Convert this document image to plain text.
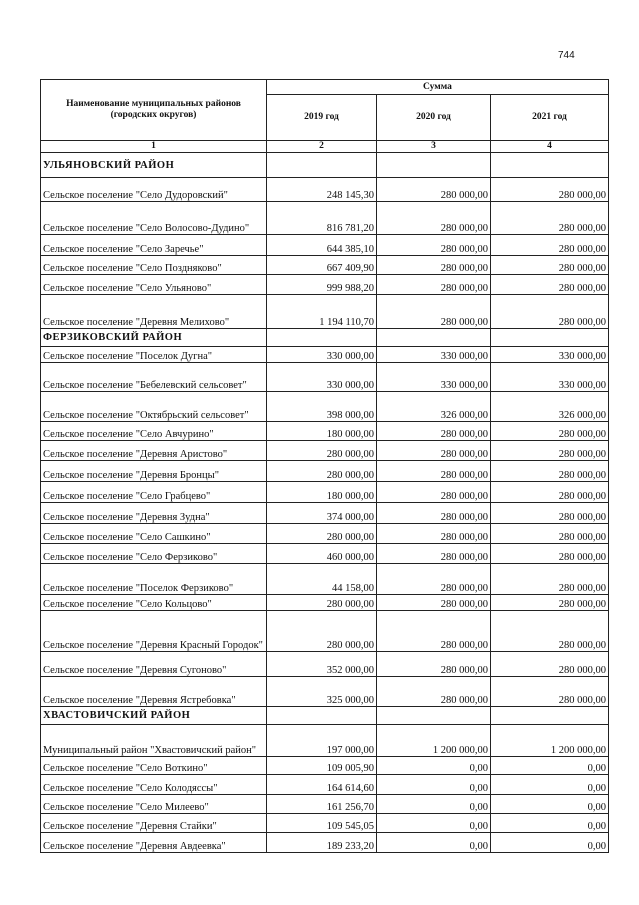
744
Наименование муниципальных районов (городских округов)	Сумма		
	2019 год	2020 год	2021 год
1	2	3	4
УЛЬЯНОВСКИЙ РАЙОН			
Сельское поселение "Село Дудоровский"	248 145,30	280 000,00	280 000,00
Сельское поселение "Село Волосово-Дудино"	816 781,20	280 000,00	280 000,00
Сельское поселение "Село Заречье"	644 385,10	280 000,00	280 000,00
Сельское поселение "Село Поздняково"	667 409,90	280 000,00	280 000,00
Сельское поселение "Село Ульяново"	999 988,20	280 000,00	280 000,00
Сельское поселение "Деревня Мелихово"	1 194 110,70	280 000,00	280 000,00
ФЕРЗИКОВСКИЙ РАЙОН			
Сельское поселение "Поселок Дугна"	330 000,00	330 000,00	330 000,00
Сельское поселение "Бебелевский сельсовет"	330 000,00	330 000,00	330 000,00
Сельское поселение "Октябрьский сельсовет"	398 000,00	326 000,00	326 000,00
Сельское поселение "Село Авчурино"	180 000,00	280 000,00	280 000,00
Сельское поселение "Деревня Аристово"	280 000,00	280 000,00	280 000,00
Сельское поселение "Деревня Бронцы"	280 000,00	280 000,00	280 000,00
Сельское поселение "Село Грабцево"	180 000,00	280 000,00	280 000,00
Сельское поселение "Деревня Зудна"	374 000,00	280 000,00	280 000,00
Сельское поселение "Село Сашкино"	280 000,00	280 000,00	280 000,00
Сельское поселение "Село Ферзиково"	460 000,00	280 000,00	280 000,00
Сельское поселение "Поселок Ферзиково"	44 158,00	280 000,00	280 000,00
Сельское поселение "Село Кольцово"	280 000,00	280 000,00	280 000,00
Сельское поселение "Деревня Красный Городок"	280 000,00	280 000,00	280 000,00
Сельское поселение "Деревня Сугоново"	352 000,00	280 000,00	280 000,00
Сельское поселение "Деревня Ястребовка"	325 000,00	280 000,00	280 000,00
ХВАСТОВИЧСКИЙ РАЙОН			
Муниципальный район "Хвастовичский район"	197 000,00	1 200 000,00	1 200 000,00
Сельское поселение "Село Воткино"	109 005,90	0,00	0,00
Сельское поселение "Село Колодяссы"	164 614,60	0,00	0,00
Сельское поселение "Село Милеево"	161 256,70	0,00	0,00
Сельское поселение "Деревня Стайки"	109 545,05	0,00	0,00
Сельское поселение "Деревня Авдеевка"	189 233,20	0,00	0,00
